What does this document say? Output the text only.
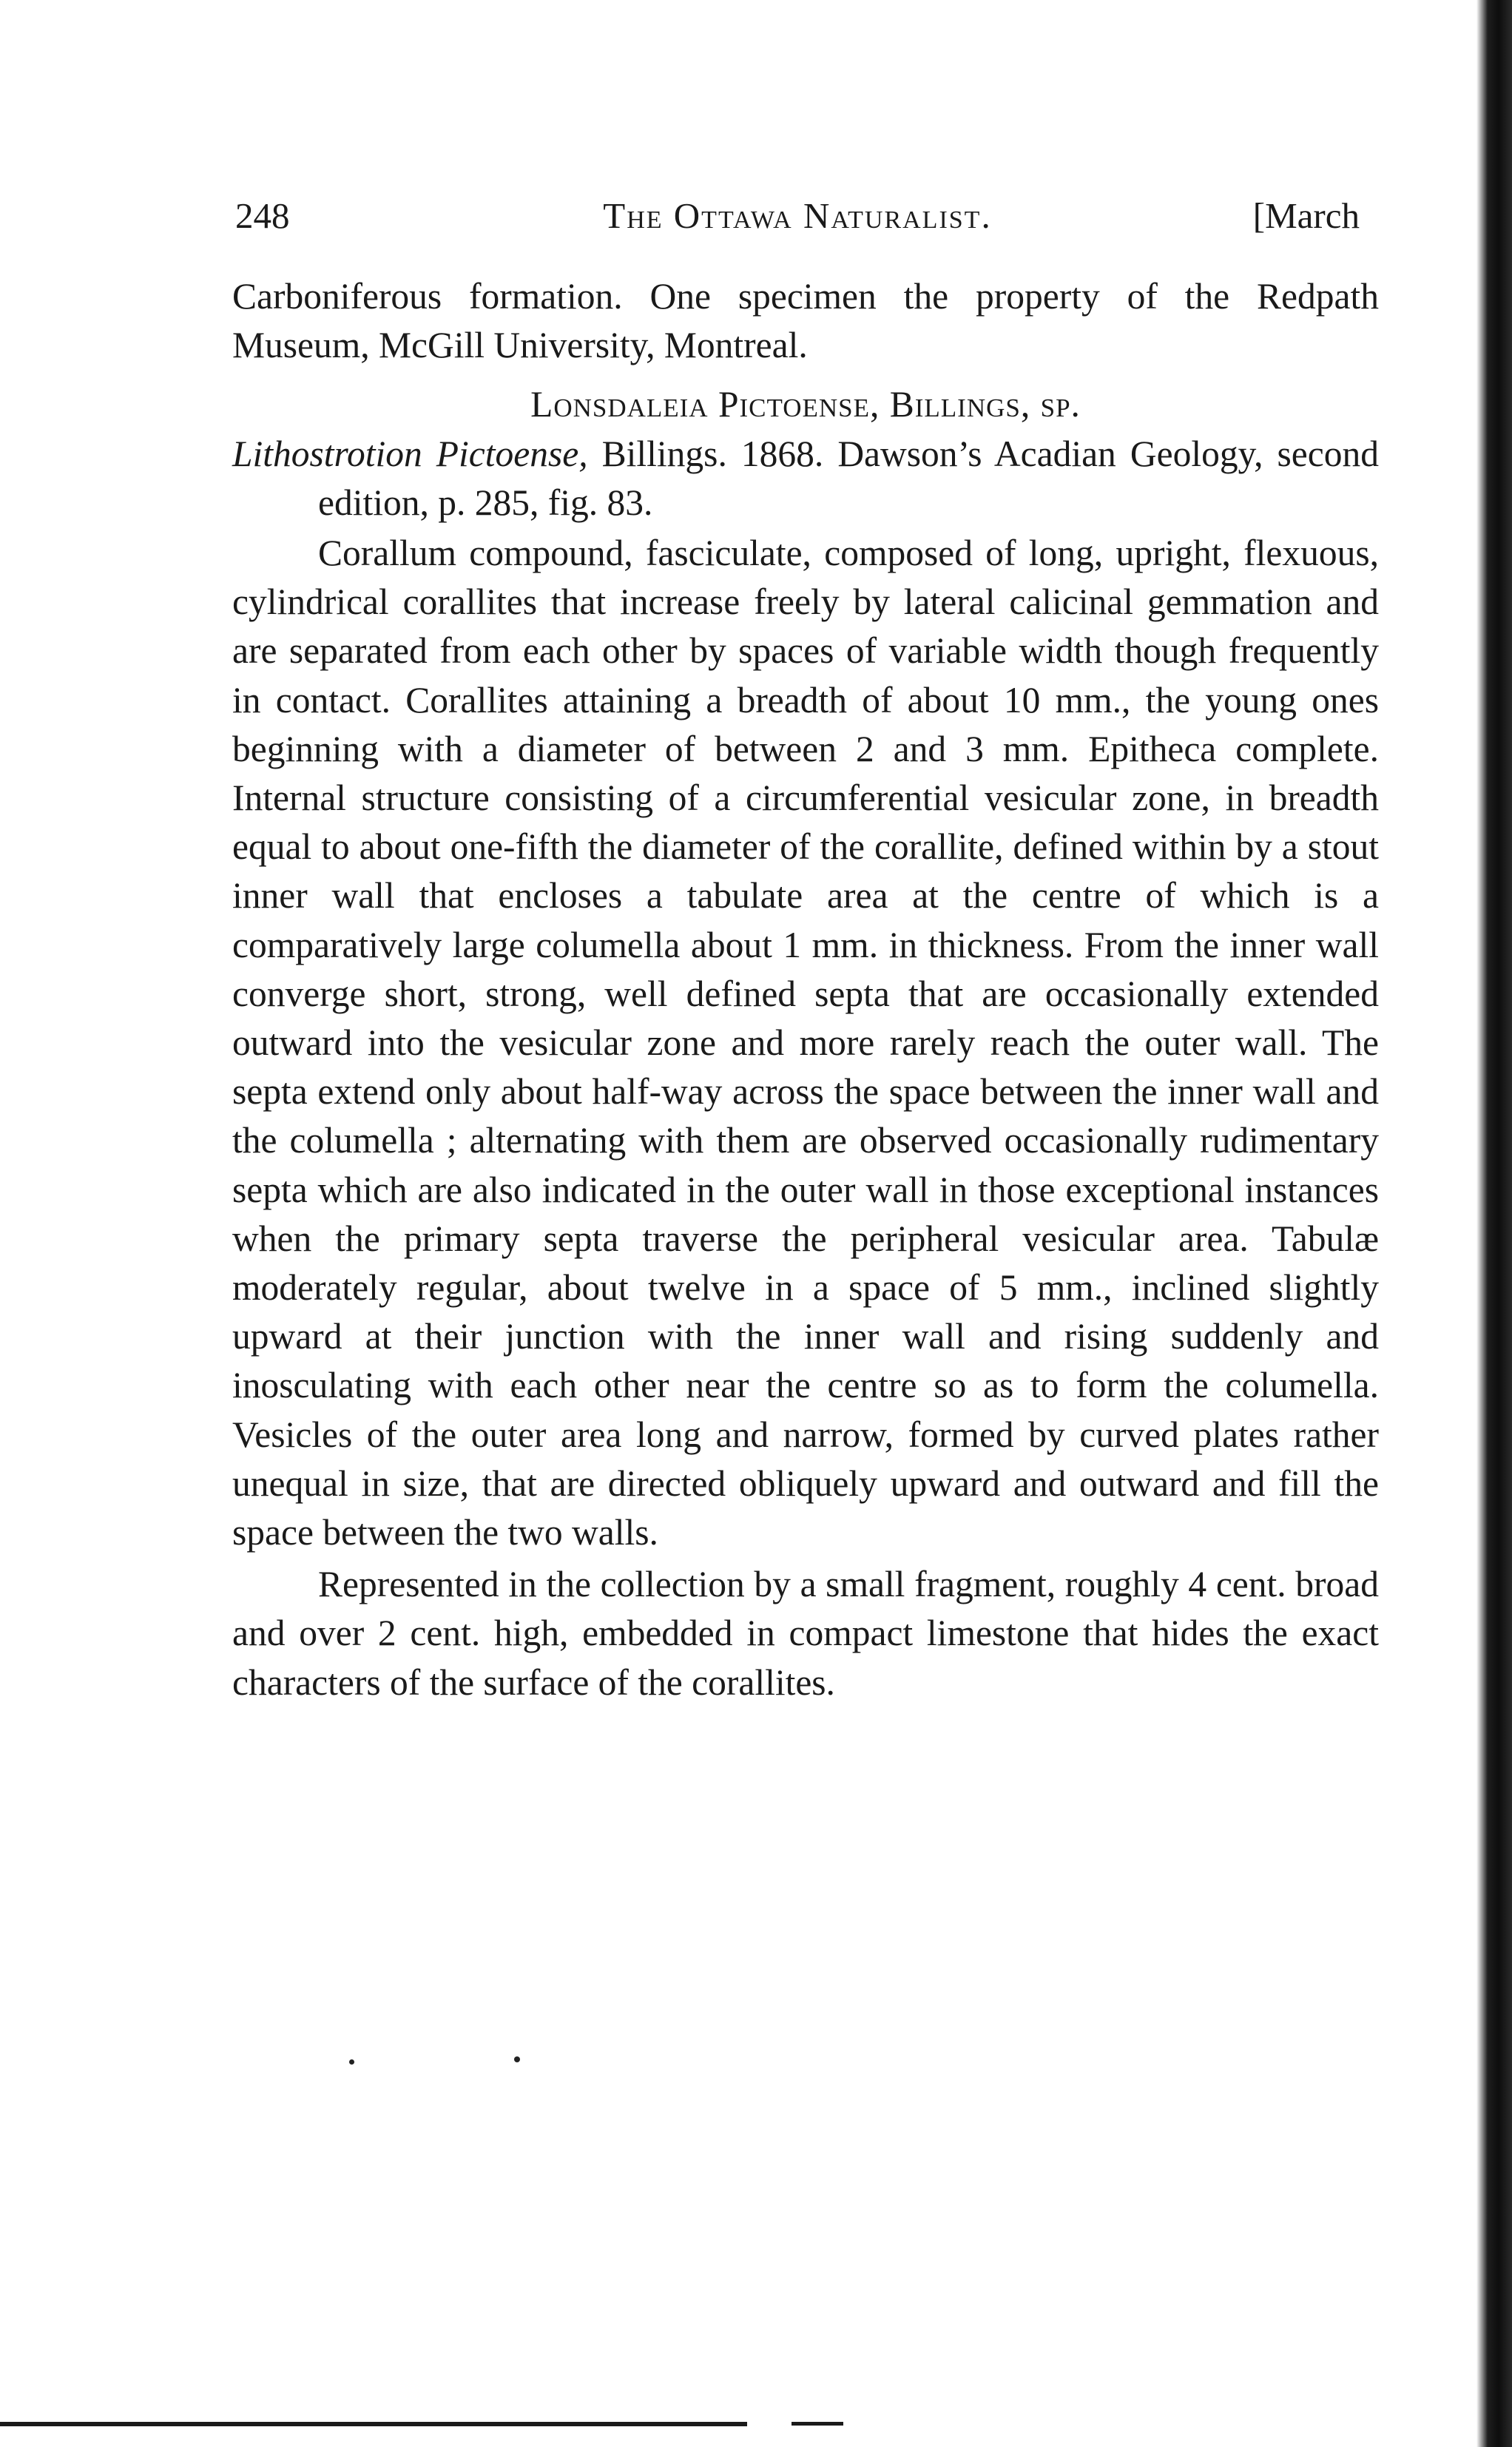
248	The Ottawa Naturalist.	[March

Carboniferous formation. One specimen the property of the Redpath Museum, McGill University, Montreal.

Lonsdaleia Pictoense, Billings, sp.

Lithostrotion Pictoense, Billings. 1868. Dawson’s Acadian Geology, second edition, p. 285, fig. 83.

Corallum compound, fasciculate, composed of long, upright, flexuous, cylindrical corallites that increase freely by lateral calicinal gemmation and are separated from each other by spaces of variable width though frequently in contact. Corallites attaining a breadth of about 10 mm., the young ones beginning with a diameter of between 2 and 3 mm. Epitheca complete. Internal structure consisting of a circumferential vesicular zone, in breadth equal to about one-fifth the diameter of the corallite, defined within by a stout inner wall that encloses a tabulate area at the centre of which is a comparatively large columella about 1 mm. in thickness. From the inner wall converge short, strong, well defined septa that are occasionally extended outward into the vesicular zone and more rarely reach the outer wall. The septa extend only about half-way across the space between the inner wall and the columella ; alternating with them are observed occasionally rudimentary septa which are also indicated in the outer wall in those exceptional instances when the primary septa traverse the peripheral vesicular area. Tabulæ moderately regular, about twelve in a space of 5 mm., inclined slightly upward at their junction with the inner wall and rising suddenly and inosculating with each other near the centre so as to form the columella. Vesicles of the outer area long and narrow, formed by curved plates rather unequal in size, that are directed obliquely upward and outward and fill the space between the two walls.

Represented in the collection by a small fragment, roughly 4 cent. broad and over 2 cent. high, embedded in compact limestone that hides the exact characters of the surface of the corallites.
